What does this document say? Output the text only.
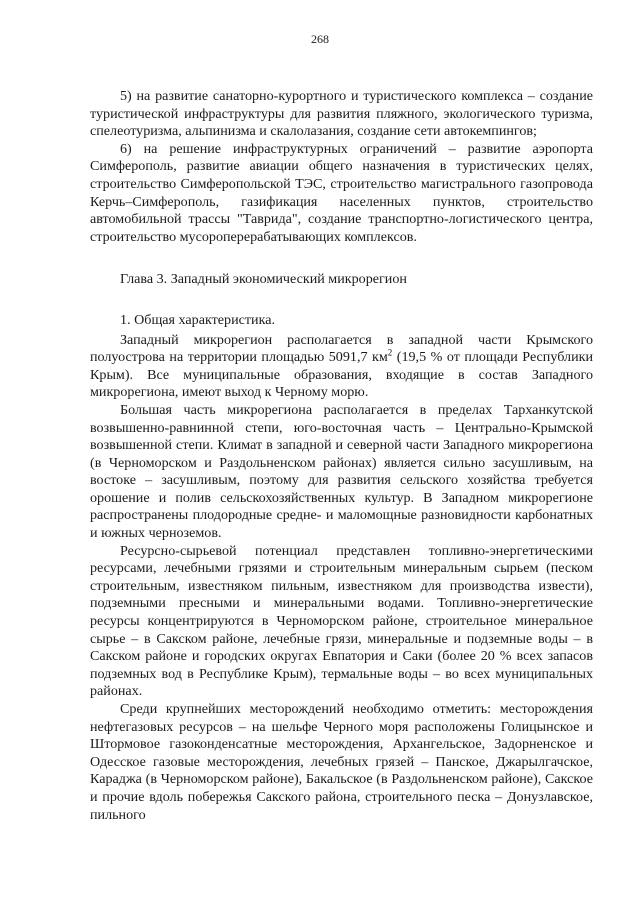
268

5) на развитие санаторно-курортного и туристического комплекса – создание туристической инфраструктуры для развития пляжного, экологического туризма, спелеотуризма, альпинизма и скалолазания, создание сети автокемпингов;

6) на решение инфраструктурных ограничений – развитие аэропорта Симферополь, развитие авиации общего назначения в туристических целях, строительство Симферопольской ТЭС, строительство магистрального газопровода Керчь–Симферополь, газификация населенных пунктов, строительство автомобильной трассы "Таврида", создание транспортно-логистического центра, строительство мусороперерабатывающих комплексов.

Глава 3. Западный экономический микрорегион

1. Общая характеристика.

Западный микрорегион располагается в западной части Крымского полуострова на территории площадью 5091,7 $км^2$ (19,5 % от площади Республики Крым). Все муниципальные образования, входящие в состав Западного микрорегиона, имеют выход к Черному морю.

Большая часть микрорегиона располагается в пределах Тарханкутской возвышенно-равнинной степи, юго-восточная часть – Центрально-Крымской возвышенной степи. Климат в западной и северной части Западного микрорегиона (в Черноморском и Раздольненском районах) является сильно засушливым, на востоке – засушливым, поэтому для развития сельского хозяйства требуется орошение и полив сельскохозяйственных культур. В Западном микрорегионе распространены плодородные средне- и маломощные разновидности карбонатных и южных черноземов.

Ресурсно-сырьевой потенциал представлен топливно-энергетическими ресурсами, лечебными грязями и строительным минеральным сырьем (песком строительным, известняком пильным, известняком для производства извести), подземными пресными и минеральными водами. Топливно-энергетические ресурсы концентрируются в Черноморском районе, строительное минеральное сырье – в Сакском районе, лечебные грязи, минеральные и подземные воды – в Сакском районе и городских округах Евпатория и Саки (более 20 % всех запасов подземных вод в Республике Крым), термальные воды – во всех муниципальных районах.

Среди крупнейших месторождений необходимо отметить: месторождения нефтегазовых ресурсов – на шельфе Черного моря расположены Голицынское и Штормовое газоконденсатные месторождения, Архангельское, Задорненское и Одесское газовые месторождения, лечебных грязей – Панское, Джарылгачское, Караджа (в Черноморском районе), Бакальское (в Раздольненском районе), Сакское и прочие вдоль побережья Сакского района, строительного песка – Донузлавское, пильного
